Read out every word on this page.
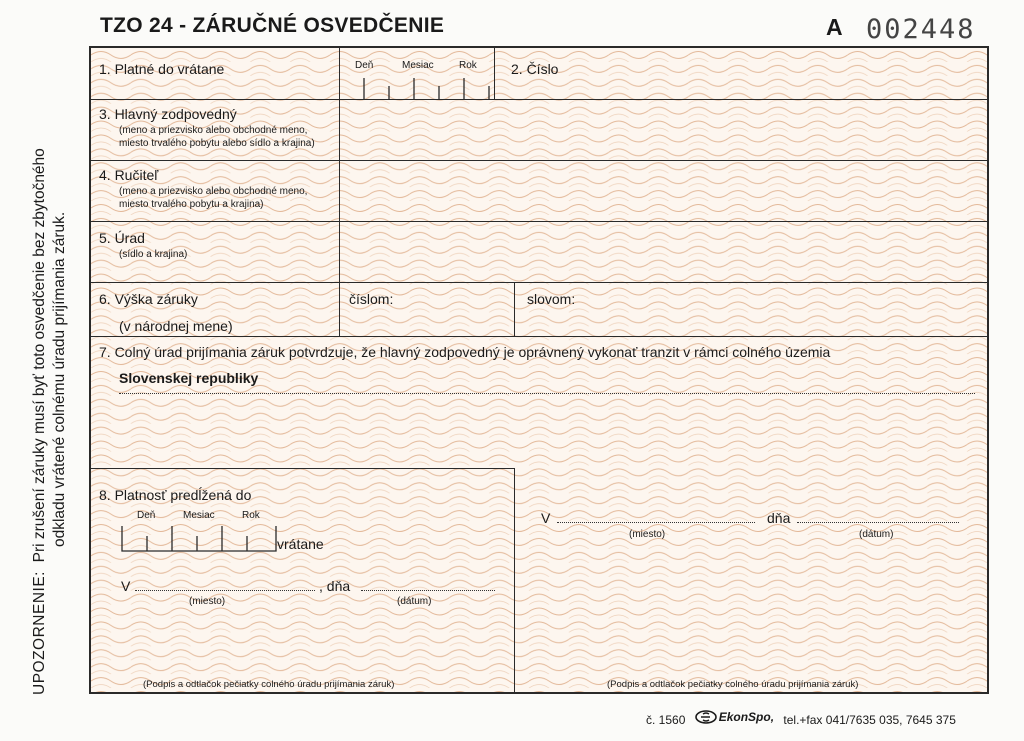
TZO 24 - ZÁRUČNÉ OSVEDČENIE	A 002448
UPOZORNENIE:  Pri zrušení záruky musí byť toto osvedčenie bez zbytočného odkladu vrátené colnému úradu prijímania záruk.
1. Platné do vrátane	Deň	Mesiac	Rok 2. Číslo
3. Hlavný zodpovedný
(meno a priezvisko alebo obchodné meno,
miesto trvalého pobytu alebo sídlo a krajina)
4. Ručiteľ
(meno a priezvisko alebo obchodné meno,
miesto trvalého pobytu a krajina)
5. Úrad
(sídlo a krajina)
6. Výška záruky
(v národnej mene)
číslom:	slovom:
7. Colný úrad prijímania záruk potvrdzuje, že hlavný zodpovedný je oprávnený vykonať tranzit v rámci colného územia
Slovenskej republiky
8. Platnosť predĺžená do
Deň	Mesiac	Rok
vrátane
V	, dňa
(miesto)	(dátum)
(Podpis a odtlačok pečiatky colného úradu prijímania záruk)
V	dňa
(miesto)	(dátum)
(Podpis a odtlačok pečiatky colného úradu prijímania záruk)
č. 1560	EkonSpo, tel.+fax 041/7635 035, 7645 375
